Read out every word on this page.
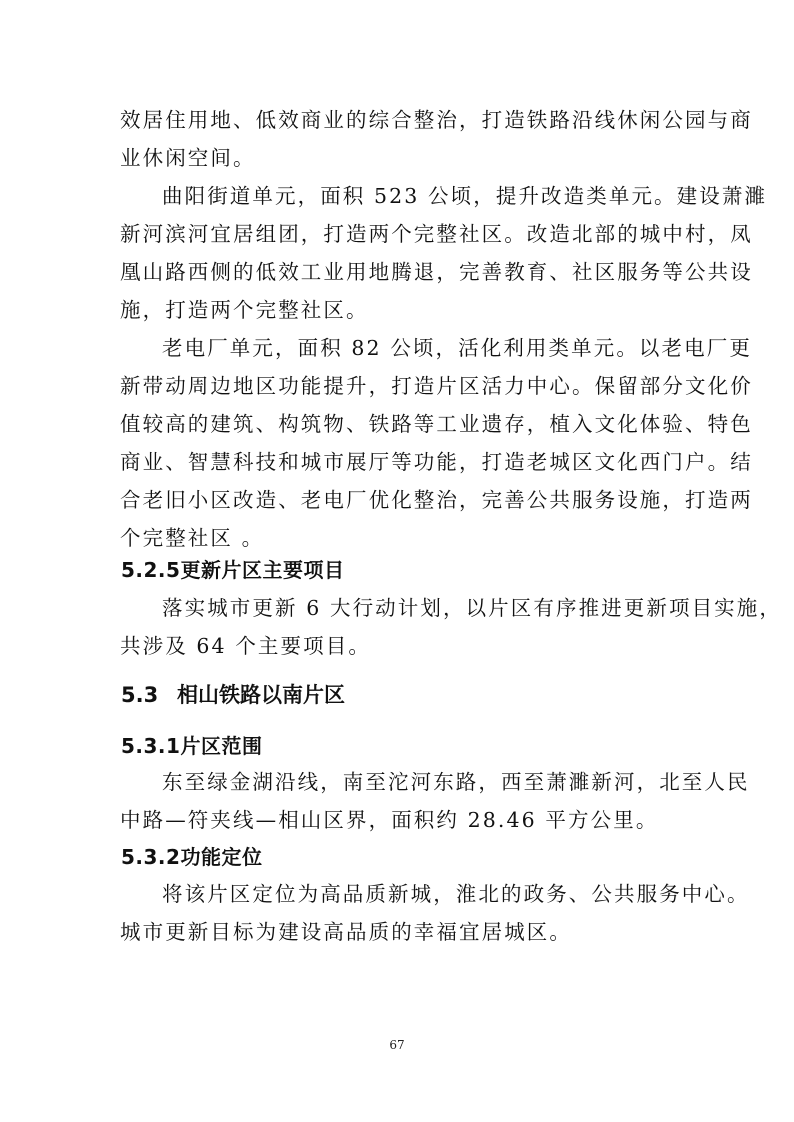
效居住用地、低效商业的综合整治，打造铁路沿线休闲公园与商
业休闲空间。
曲阳街道单元，面积 523 公顷，提升改造类单元。建设萧濉
新河滨河宜居组团，打造两个完整社区。改造北部的城中村，凤
凰山路西侧的低效工业用地腾退，完善教育、社区服务等公共设
施，打造两个完整社区。
老电厂单元，面积 82 公顷，活化利用类单元。以老电厂更
新带动周边地区功能提升，打造片区活力中心。保留部分文化价
值较高的建筑、构筑物、铁路等工业遗存，植入文化体验、特色
商业、智慧科技和城市展厅等功能，打造老城区文化西门户。结
合老旧小区改造、老电厂优化整治，完善公共服务设施，打造两
个完整社区 。
5.2.5更新片区主要项目
落实城市更新 6 大行动计划，以片区有序推进更新项目实施，
共涉及 64 个主要项目。
5.3 相山铁路以南片区
5.3.1片区范围
东至绿金湖沿线，南至沱河东路，西至萧濉新河，北至人民
中路—符夹线—相山区界，面积约 28.46 平方公里。
5.3.2功能定位
将该片区定位为高品质新城，淮北的政务、公共服务中心。
城市更新目标为建设高品质的幸福宜居城区。
67
